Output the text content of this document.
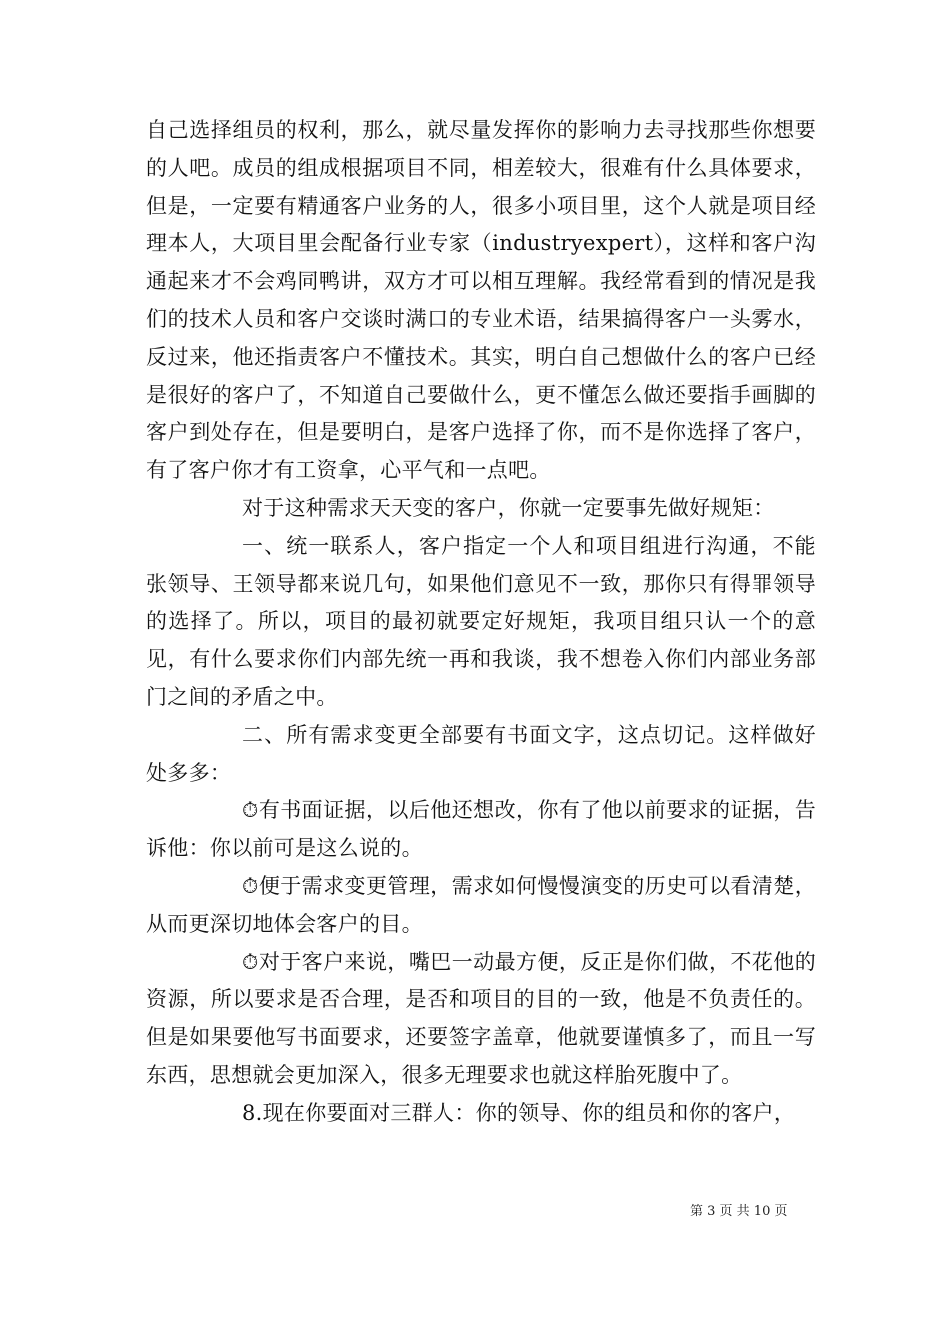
自己选择组员的权利，那么，就尽量发挥你的影响力去寻找那些你想要的人吧。成员的组成根据项目不同，相差较大，很难有什么具体要求，但是，一定要有精通客户业务的人，很多小项目里，这个人就是项目经理本人，大项目里会配备行业专家（industryexpert），这样和客户沟通起来才不会鸡同鸭讲，双方才可以相互理解。我经常看到的情况是我们的技术人员和客户交谈时满口的专业术语，结果搞得客户一头雾水，反过来，他还指责客户不懂技术。其实，明白自己想做什么的客户已经是很好的客户了，不知道自己要做什么，更不懂怎么做还要指手画脚的客户到处存在，但是要明白，是客户选择了你，而不是你选择了客户，有了客户你才有工资拿，心平气和一点吧。

对于这种需求天天变的客户，你就一定要事先做好规矩：

一、统一联系人，客户指定一个人和项目组进行沟通，不能张领导、王领导都来说几句，如果他们意见不一致，那你只有得罪领导的选择了。所以，项目的最初就要定好规矩，我项目组只认一个的意见，有什么要求你们内部先统一再和我谈，我不想卷入你们内部业务部门之间的矛盾之中。

二、所有需求变更全部要有书面文字，这点切记。这样做好处多多：

⏱有书面证据，以后他还想改，你有了他以前要求的证据，告诉他：你以前可是这么说的。

⏱便于需求变更管理，需求如何慢慢演变的历史可以看清楚，从而更深切地体会客户的目。

⏱对于客户来说，嘴巴一动最方便，反正是你们做，不花他的资源，所以要求是否合理，是否和项目的目的一致，他是不负责任的。但是如果要他写书面要求，还要签字盖章，他就要谨慎多了，而且一写东西，思想就会更加深入，很多无理要求也就这样胎死腹中了。

8.现在你要面对三群人：你的领导、你的组员和你的客户，

第 3 页 共 10 页
